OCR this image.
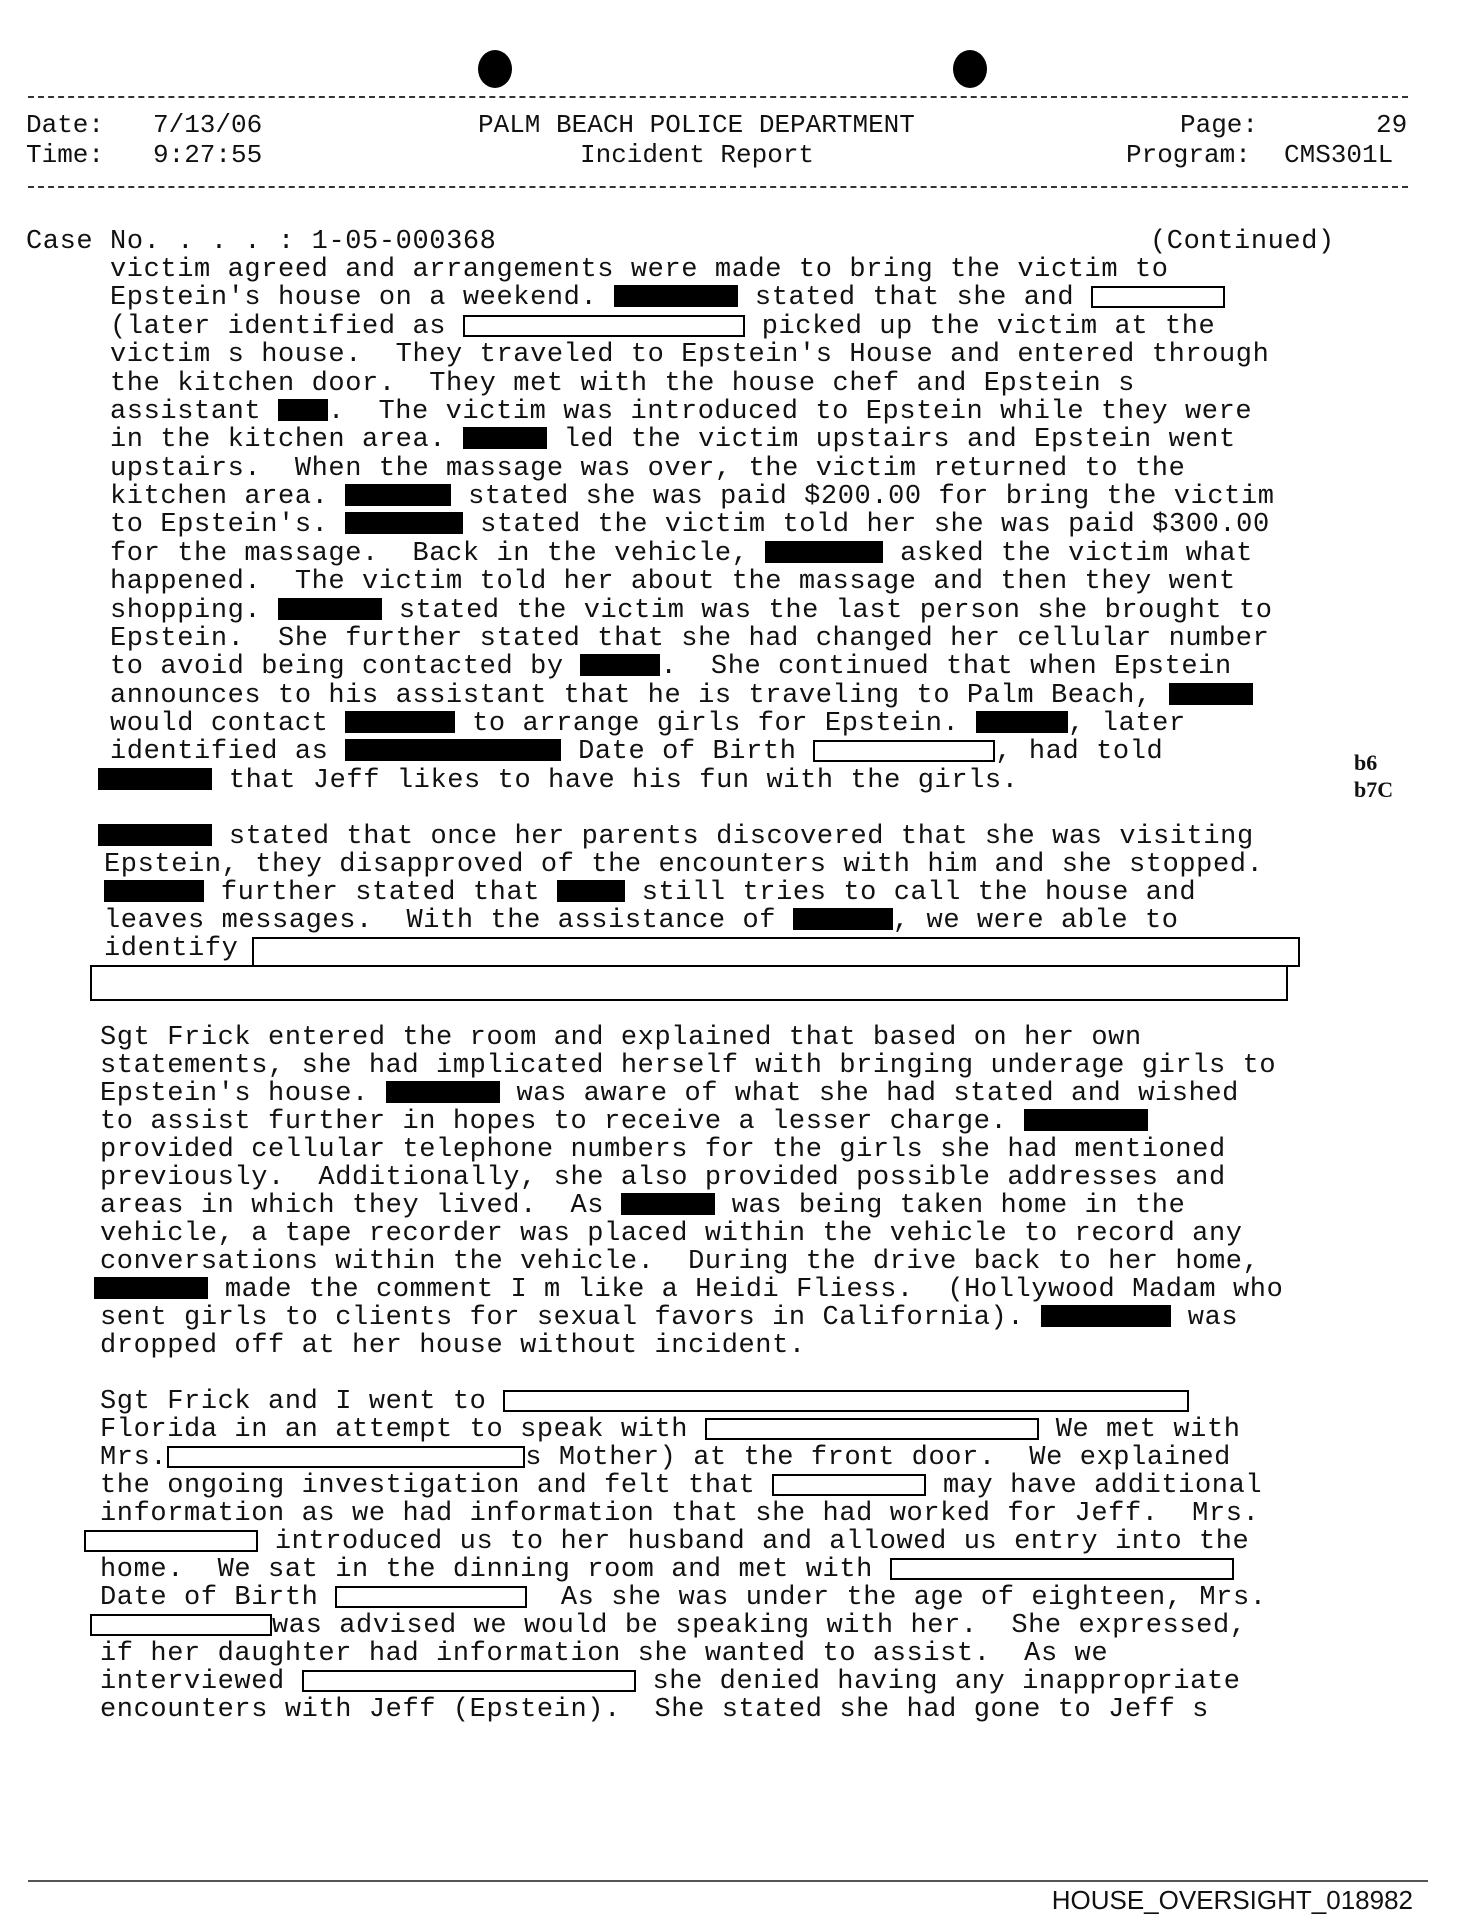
Date: 7/13/06
Time: 9:27:55
PALM BEACH POLICE DEPARTMENT
Incident Report
Page:	29
Program: CMS301L
Case No. . . . : 1-05-000368	(Continued)
victim agreed and arrangements were made to bring the victim to
Epstein's house on a weekend.	stated that she and
(later identified as	picked up the victim at the
victim s house.  They traveled to Epstein's House and entered through
the kitchen door.  They met with the house chef and Epstein s
assistant .  The victim was introduced to Epstein while they were
in the kitchen area.	led the victim upstairs and Epstein went
upstairs.  When the massage was over, the victim returned to the
kitchen area.	stated she was paid $200.00 for bring the victim
to Epstein's.	stated the victim told her she was paid $300.00
for the massage.  Back in the vehicle,	asked the victim what
happened.  The victim told her about the massage and then they went
shopping.	stated the victim was the last person she brought to
Epstein.  She further stated that she had changed her cellular number
to avoid being contacted by	.  She continued that when Epstein
announces to his assistant that he is traveling to Palm Beach,
would contact	to arrange girls for Epstein.	, later
identified as	Date of Birth	, had told
that Jeff likes to have his fun with the girls.
b6
b7C
stated that once her parents discovered that she was visiting
Epstein, they disapproved of the encounters with him and she stopped.
further stated that	still tries to call the house and
leaves messages.  With the assistance of	, we were able to
identify
Sgt Frick entered the room and explained that based on her own
statements, she had implicated herself with bringing underage girls to
Epstein's house.	was aware of what she had stated and wished
to assist further in hopes to receive a lesser charge.
provided cellular telephone numbers for the girls she had mentioned
previously.  Additionally, she also provided possible addresses and
areas in which they lived.  As	was being taken home in the
vehicle, a tape recorder was placed within the vehicle to record any
conversations within the vehicle.  During the drive back to her home,
made the comment I m like a Heidi Fliess.  (Hollywood Madam who
sent girls to clients for sexual favors in California).	was
dropped off at her house without incident.
Sgt Frick and I went to
Florida in an attempt to speak with	We met with
Mrs.	s Mother) at the front door.  We explained
the ongoing investigation and felt that	may have additional
information as we had information that she had worked for Jeff.  Mrs.
introduced us to her husband and allowed us entry into the
home.  We sat in the dinning room and met with
Date of Birth	As she was under the age of eighteen, Mrs.
was advised we would be speaking with her.  She expressed,
if her daughter had information she wanted to assist.  As we
interviewed	she denied having any inappropriate
encounters with Jeff (Epstein).  She stated she had gone to Jeff s
HOUSE_OVERSIGHT_018982
